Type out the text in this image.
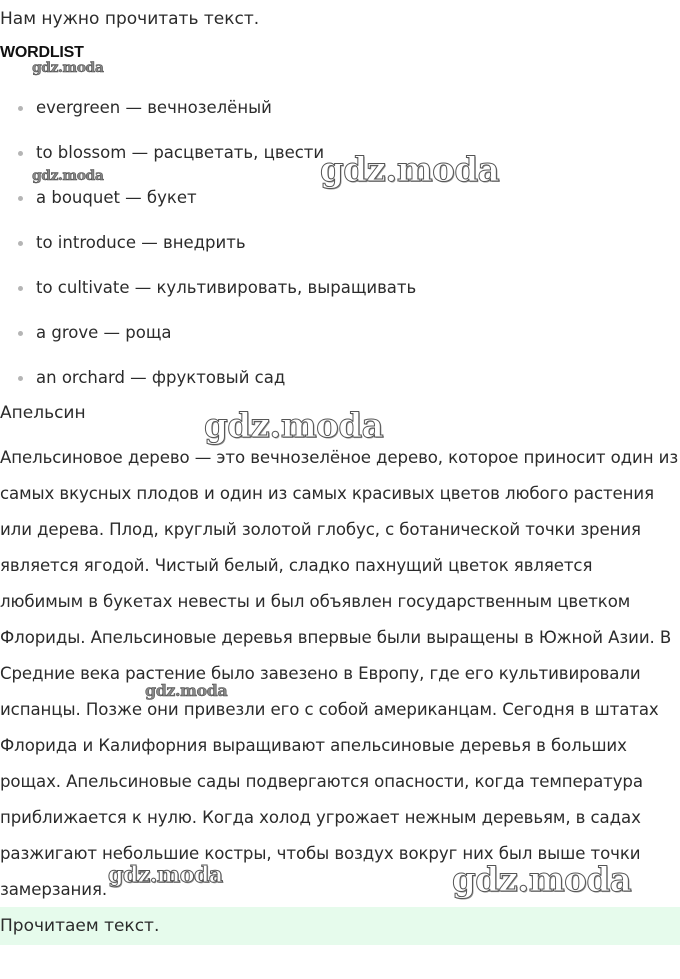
Нам нужно прочитать текст.

WORDLIST
evergreen — вечнозелёный
to blossom — расцветать, цвести
a bouquet — букет
to introduce — внедрить
to cultivate — культивировать, выращивать
a grove — роща
an orchard — фруктовый сад

Апельсин

Апельсиновое дерево — это вечнозелёное дерево, которое приносит один из самых вкусных плодов и один из самых красивых цветов любого растения или дерева. Плод, круглый золотой глобус, с ботанической точки зрения является ягодой. Чистый белый, сладко пахнущий цветок является любимым в букетах невесты и был объявлен государственным цветком Флориды. Апельсиновые деревья впервые были выращены в Южной Азии. В Средние века растение было завезено в Европу, где его культивировали испанцы. Позже они привезли его с собой американцам. Сегодня в штатах Флорида и Калифорния выращивают апельсиновые деревья в больших рощах. Апельсиновые сады подвергаются опасности, когда температура приближается к нулю. Когда холод угрожает нежным деревьям, в садах разжигают небольшие костры, чтобы воздух вокруг них был выше точки замерзания.

Прочитаем текст.
gdz.moda
gdz.moda	gdz.moda
gdz.moda
gdz.moda
gdz.moda	gdz.moda
